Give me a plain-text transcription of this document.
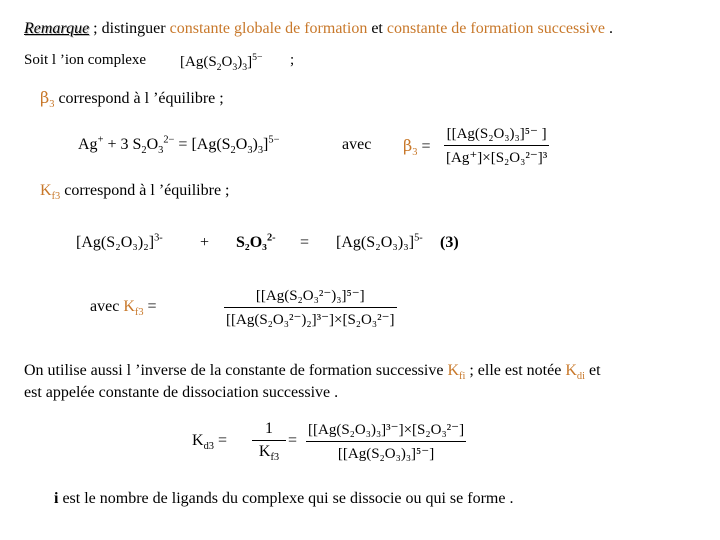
Remarque ; distinguer constante globale de formation et constante de formation successive .
Soit l ’ion complexe $[Ag(S_2O_3)_3]^{5-}$ ;
$\beta_3$ correspond à l ’équilibre ;
Ag+ + 3 $S_2O_3^{2-} = [Ag(S_2O_3)_3]^{5-}$	avec $\beta_3$ =
[[Ag(S₂O₃)₃]⁵⁻ ]
[Ag⁺]×[S₂O₃²⁻]³
$K_{f3}$ correspond à l ’équilibre ;
$[Ag(S_2O_3)_2]^{3-} + S_2O_3^{2-} = [Ag(S_2O_3)_3]^{5-}$ (3)
avec $K_{f3}$ =
[[Ag(S₂O₃²⁻)₃]⁵⁻]
[[Ag(S₂O₃²⁻)₂]³⁻]×[S₂O₃²⁻]
On utilise aussi l ’inverse de la constante de formation successive $K_{fi}$ ; elle est notée $K_{di}$ et
est appelée constante de dissociation successive .
$K_{d3}$ =
1
$K_{f3}$
=
[[Ag(S₂O₃)₃]³⁻]×[S₂O₃²⁻]
[[Ag(S₂O₃)₃]⁵⁻]
i est le nombre de ligands du complexe qui se dissocie ou qui se forme .
